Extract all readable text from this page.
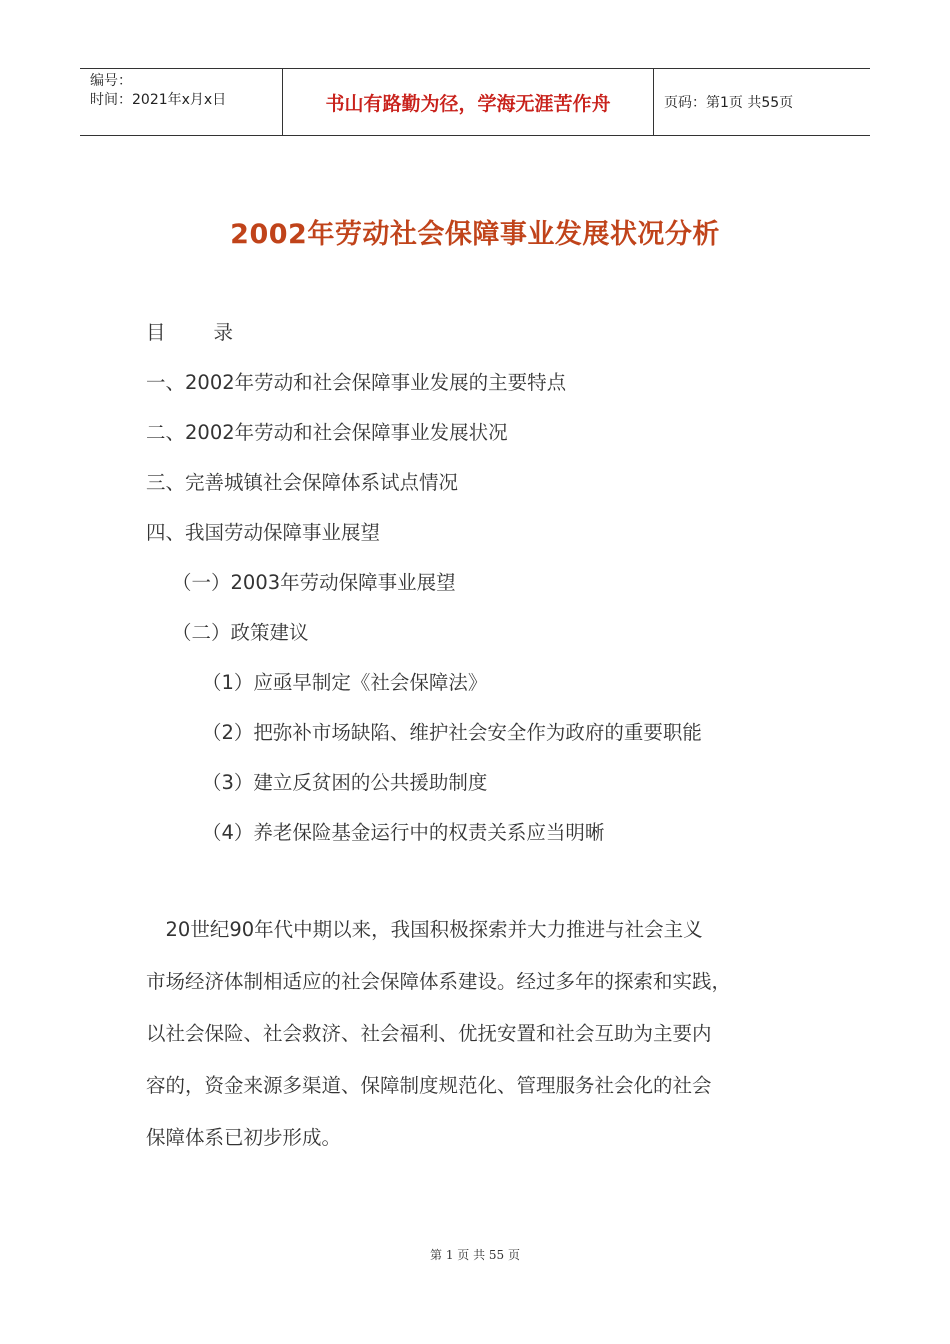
编号：
时间：2021年x月x日	书山有路勤为径，学海无涯苦作舟	页码：第1页 共55页
2002年劳动社会保障事业发展状况分析
目 录
一、2002年劳动和社会保障事业发展的主要特点
二、2002年劳动和社会保障事业发展状况
三、完善城镇社会保障体系试点情况
四、我国劳动保障事业展望
（一）2003年劳动保障事业展望
（二）政策建议
（1）应亟早制定《社会保障法》
（2）把弥补市场缺陷、维护社会安全作为政府的重要职能
（3）建立反贫困的公共援助制度
（4）养老保险基金运行中的权责关系应当明晰
　20世纪90年代中期以来，我国积极探索并大力推进与社会主义
市场经济体制相适应的社会保障体系建设。经过多年的探索和实践，
以社会保险、社会救济、社会福利、优抚安置和社会互助为主要内
容的，资金来源多渠道、保障制度规范化、管理服务社会化的社会
保障体系已初步形成。
第 1 页 共 55 页
